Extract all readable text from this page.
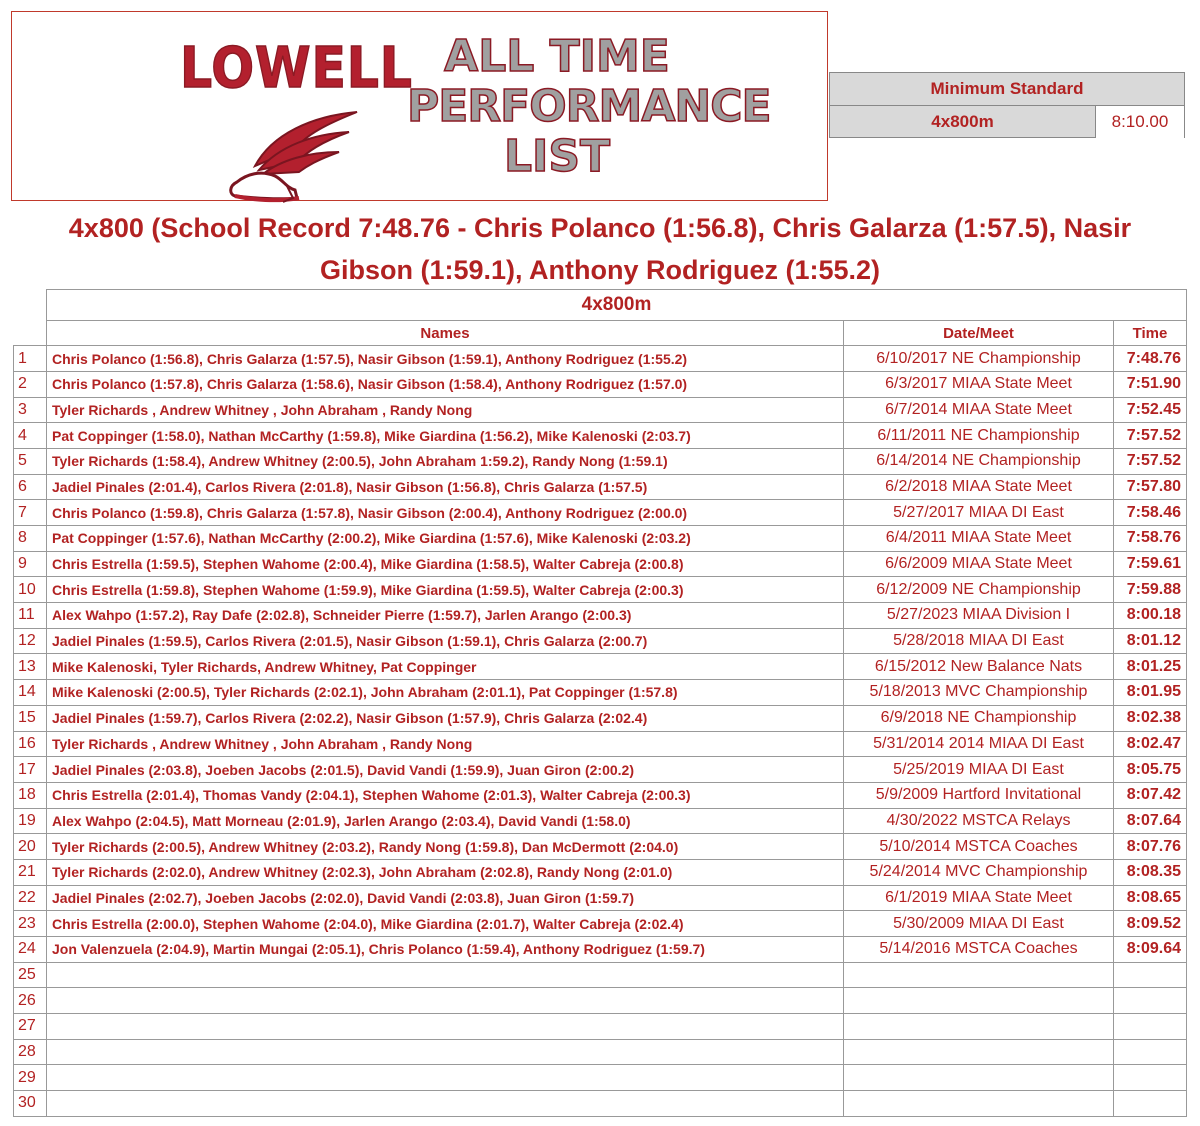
LOWELL ALL TIME
PERFORMANCE
LIST
Minimum Standard
4x800m	8:10.00
4x800 (School Record 7:48.76 - Chris Polanco (1:56.8), Chris Galarza (1:57.5), Nasir Gibson (1:59.1), Anthony Rodriguez (1:55.2)
	4x800m		
	Names	Date/Meet	Time
1	Chris Polanco (1:56.8), Chris Galarza (1:57.5), Nasir Gibson (1:59.1), Anthony Rodriguez (1:55.2)	6/10/2017 NE Championship	7:48.76
2	Chris Polanco (1:57.8), Chris Galarza (1:58.6), Nasir Gibson (1:58.4), Anthony Rodriguez (1:57.0)	6/3/2017 MIAA State Meet	7:51.90
3	Tyler Richards , Andrew Whitney , John Abraham , Randy Nong	6/7/2014 MIAA State Meet	7:52.45
4	Pat Coppinger (1:58.0), Nathan McCarthy (1:59.8), Mike Giardina (1:56.2), Mike Kalenoski (2:03.7)	6/11/2011 NE Championship	7:57.52
5	Tyler Richards (1:58.4), Andrew Whitney (2:00.5), John Abraham 1:59.2), Randy Nong (1:59.1)	6/14/2014 NE Championship	7:57.52
6	Jadiel Pinales (2:01.4), Carlos Rivera (2:01.8), Nasir Gibson (1:56.8), Chris Galarza (1:57.5)	6/2/2018 MIAA State Meet	7:57.80
7	Chris Polanco (1:59.8), Chris Galarza (1:57.8), Nasir Gibson (2:00.4), Anthony Rodriguez (2:00.0)	5/27/2017 MIAA DI East	7:58.46
8	Pat Coppinger (1:57.6), Nathan McCarthy (2:00.2), Mike Giardina (1:57.6), Mike Kalenoski (2:03.2)	6/4/2011 MIAA State Meet	7:58.76
9	Chris Estrella (1:59.5), Stephen Wahome (2:00.4), Mike Giardina (1:58.5), Walter Cabreja (2:00.8)	6/6/2009 MIAA State Meet	7:59.61
10	Chris Estrella (1:59.8), Stephen Wahome (1:59.9), Mike Giardina (1:59.5), Walter Cabreja (2:00.3)	6/12/2009 NE Championship	7:59.88
11	Alex Wahpo (1:57.2), Ray Dafe (2:02.8), Schneider Pierre (1:59.7), Jarlen Arango (2:00.3)	5/27/2023 MIAA Division I	8:00.18
12	Jadiel Pinales (1:59.5), Carlos Rivera (2:01.5), Nasir Gibson (1:59.1), Chris Galarza (2:00.7)	5/28/2018 MIAA DI East	8:01.12
13	Mike Kalenoski, Tyler Richards, Andrew Whitney, Pat Coppinger	6/15/2012 New Balance Nats	8:01.25
14	Mike Kalenoski (2:00.5), Tyler Richards (2:02.1), John Abraham (2:01.1), Pat Coppinger (1:57.8)	5/18/2013 MVC Championship	8:01.95
15	Jadiel Pinales (1:59.7), Carlos Rivera (2:02.2), Nasir Gibson (1:57.9), Chris Galarza (2:02.4)	6/9/2018 NE Championship	8:02.38
16	Tyler Richards , Andrew Whitney , John Abraham , Randy Nong	5/31/2014 2014 MIAA DI East	8:02.47
17	Jadiel Pinales (2:03.8), Joeben Jacobs (2:01.5), David Vandi (1:59.9), Juan Giron (2:00.2)	5/25/2019 MIAA DI East	8:05.75
18	Chris Estrella (2:01.4), Thomas Vandy (2:04.1), Stephen Wahome (2:01.3), Walter Cabreja (2:00.3)	5/9/2009 Hartford Invitational	8:07.42
19	Alex Wahpo (2:04.5), Matt Morneau (2:01.9), Jarlen Arango (2:03.4), David Vandi (1:58.0)	4/30/2022 MSTCA Relays	8:07.64
20	Tyler Richards (2:00.5), Andrew Whitney (2:03.2), Randy Nong (1:59.8), Dan McDermott (2:04.0)	5/10/2014 MSTCA Coaches	8:07.76
21	Tyler Richards (2:02.0), Andrew Whitney (2:02.3), John Abraham (2:02.8), Randy Nong (2:01.0)	5/24/2014 MVC Championship	8:08.35
22	Jadiel Pinales (2:02.7), Joeben Jacobs (2:02.0), David Vandi (2:03.8), Juan Giron (1:59.7)	6/1/2019 MIAA State Meet	8:08.65
23	Chris Estrella (2:00.0), Stephen Wahome (2:04.0), Mike Giardina (2:01.7), Walter Cabreja (2:02.4)	5/30/2009 MIAA DI East	8:09.52
24	Jon Valenzuela (2:04.9), Martin Mungai (2:05.1), Chris Polanco (1:59.4), Anthony Rodriguez (1:59.7)	5/14/2016 MSTCA Coaches	8:09.64
25			
26			
27			
28			
29			
30			
